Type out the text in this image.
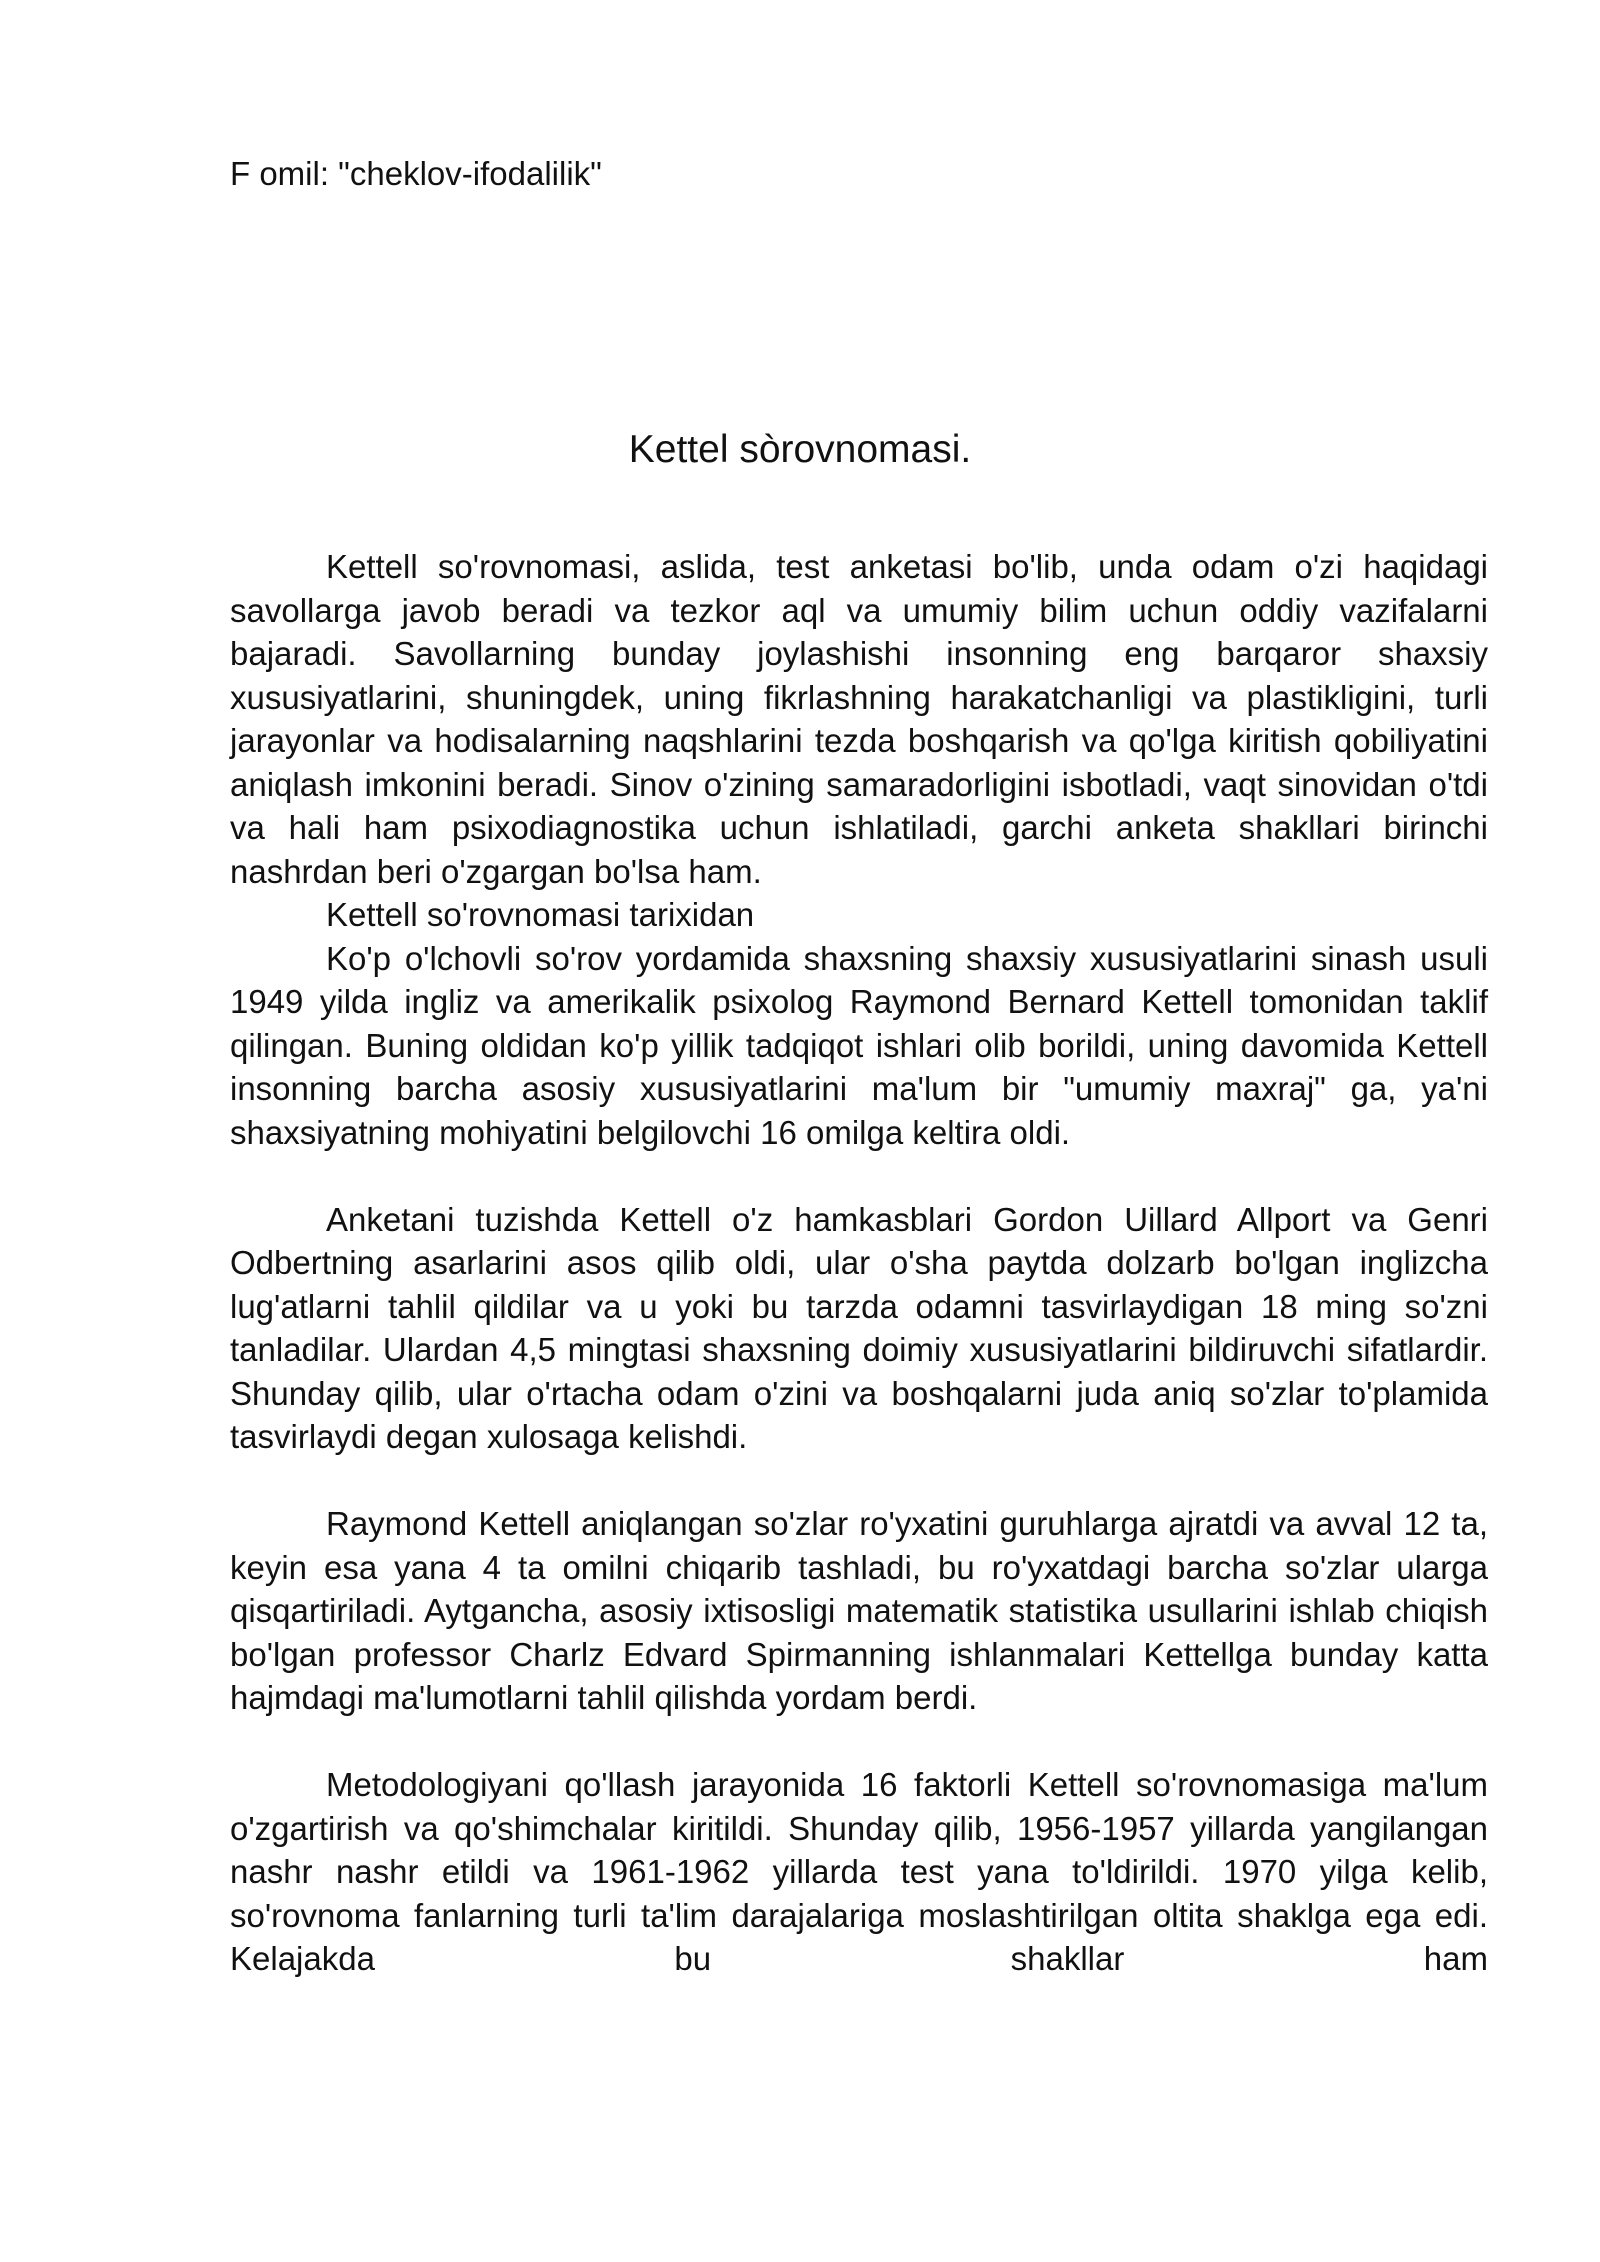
F omil: "cheklov-ifodalilik"
Kettel sòrovnomasi.

Kettell so'rovnomasi, aslida, test anketasi bo'lib, unda odam o'zi haqidagi savollarga javob beradi va tezkor aql va umumiy bilim uchun oddiy vazifalarni bajaradi. Savollarning bunday joylashishi insonning eng barqaror shaxsiy xususiyatlarini, shuningdek, uning fikrlashning harakatchanligi va plastikligini, turli jarayonlar va hodisalarning naqshlarini tezda boshqarish va qo'lga kiritish qobiliyatini aniqlash imkonini beradi. Sinov o'zining samaradorligini isbotladi, vaqt sinovidan o'tdi va hali ham psixodiagnostika uchun ishlatiladi, garchi anketa shakllari birinchi nashrdan beri o'zgargan bo'lsa ham.

Kettell so'rovnomasi tarixidan

Ko'p o'lchovli so'rov yordamida shaxsning shaxsiy xususiyatlarini sinash usuli 1949 yilda ingliz va amerikalik psixolog Raymond Bernard Kettell tomonidan taklif qilingan. Buning oldidan ko'p yillik tadqiqot ishlari olib borildi, uning davomida Kettell insonning barcha asosiy xususiyatlarini ma'lum bir "umumiy maxraj" ga, ya'ni shaxsiyatning mohiyatini belgilovchi 16 omilga keltira oldi.

Anketani tuzishda Kettell o'z hamkasblari Gordon Uillard Allport va Genri Odbertning asarlarini asos qilib oldi, ular o'sha paytda dolzarb bo'lgan inglizcha lug'atlarni tahlil qildilar va u yoki bu tarzda odamni tasvirlaydigan 18 ming so'zni tanladilar. Ulardan 4,5 mingtasi shaxsning doimiy xususiyatlarini bildiruvchi sifatlardir. Shunday qilib, ular o'rtacha odam o'zini va boshqalarni juda aniq so'zlar to'plamida tasvirlaydi degan xulosaga kelishdi.

Raymond Kettell aniqlangan so'zlar ro'yxatini guruhlarga ajratdi va avval 12 ta, keyin esa yana 4 ta omilni chiqarib tashladi, bu ro'yxatdagi barcha so'zlar ularga qisqartiriladi. Aytgancha, asosiy ixtisosligi matematik statistika usullarini ishlab chiqish bo'lgan professor Charlz Edvard Spirmanning ishlanmalari Kettellga bunday katta hajmdagi ma'lumotlarni tahlil qilishda yordam berdi.

Metodologiyani qo'llash jarayonida 16 faktorli Kettell so'rovnomasiga ma'lum o'zgartirish va qo'shimchalar kiritildi. Shunday qilib, 1956-1957 yillarda yangilangan nashr nashr etildi va 1961-1962 yillarda test yana to'ldirildi. 1970 yilga kelib, so'rovnoma fanlarning turli ta'lim darajalariga moslashtirilgan oltita shaklga ega edi. Kelajakda bu shakllar ham
